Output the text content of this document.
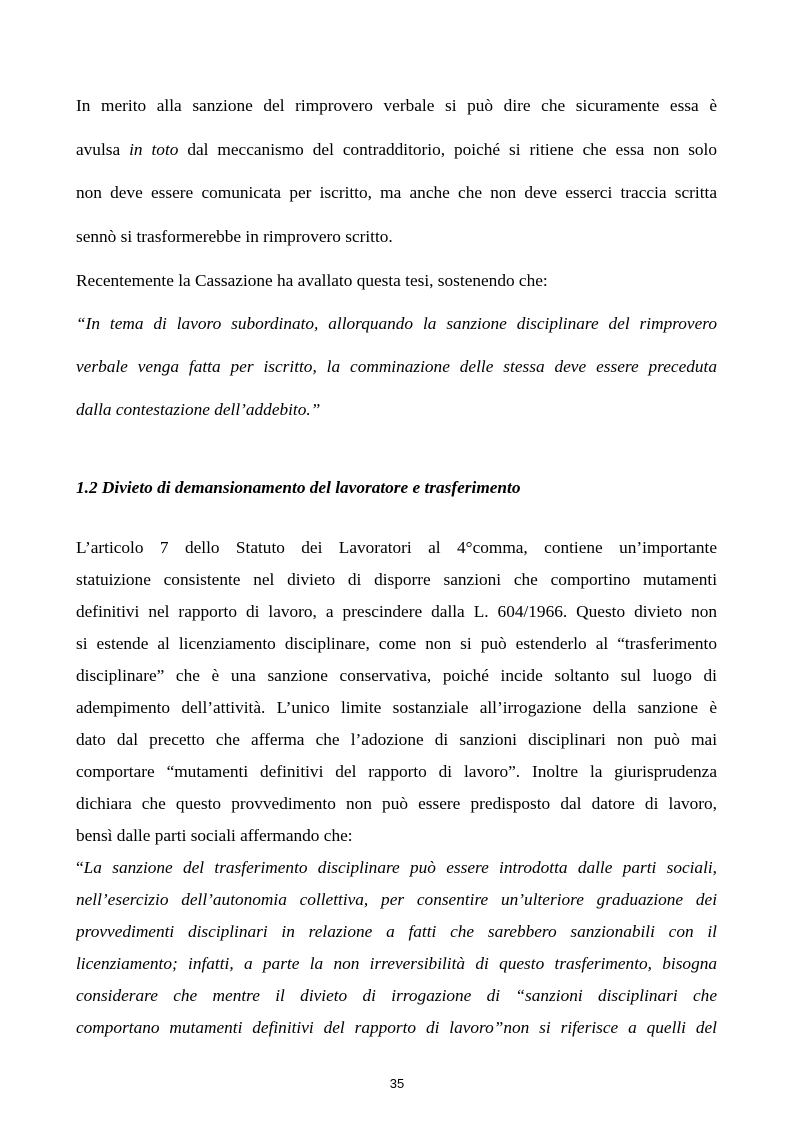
In merito alla sanzione del rimprovero verbale si può dire che sicuramente essa è
avulsa in toto dal meccanismo del contradditorio, poiché si ritiene che essa non solo
non deve essere comunicata per iscritto, ma anche che non deve esserci traccia scritta
sennò si trasformerebbe in rimprovero scritto.
Recentemente la Cassazione ha avallato questa tesi, sostenendo che:
“In tema di lavoro subordinato, allorquando la sanzione disciplinare del rimprovero
verbale venga fatta per iscritto, la comminazione delle stessa deve essere preceduta
dalla contestazione dell’addebito.”
1.2 Divieto di demansionamento del lavoratore e trasferimento
L’articolo 7 dello Statuto dei Lavoratori al 4°comma, contiene un’importante
statuizione consistente nel divieto di disporre sanzioni che comportino mutamenti
definitivi nel rapporto di lavoro, a prescindere dalla L. 604/1966. Questo divieto non
si estende al licenziamento disciplinare, come non si può estenderlo al “trasferimento
disciplinare” che è una sanzione conservativa, poiché incide soltanto sul luogo di
adempimento dell’attività. L’unico limite sostanziale all’irrogazione della sanzione è
dato dal precetto che afferma che l’adozione di sanzioni disciplinari non può mai
comportare “mutamenti definitivi del rapporto di lavoro”. Inoltre la giurisprudenza
dichiara che questo provvedimento non può essere predisposto dal datore di lavoro,
bensì dalle parti sociali affermando che:
“La sanzione del trasferimento disciplinare può essere introdotta dalle parti sociali,
nell’esercizio dell’autonomia collettiva, per consentire un’ulteriore graduazione dei
provvedimenti disciplinari in relazione a fatti che sarebbero sanzionabili con il
licenziamento; infatti, a parte la non irreversibilità di questo trasferimento, bisogna
considerare che mentre il divieto di irrogazione di “sanzioni disciplinari che
comportano mutamenti definitivi del rapporto di lavoro”non si riferisce a quelli del
35
